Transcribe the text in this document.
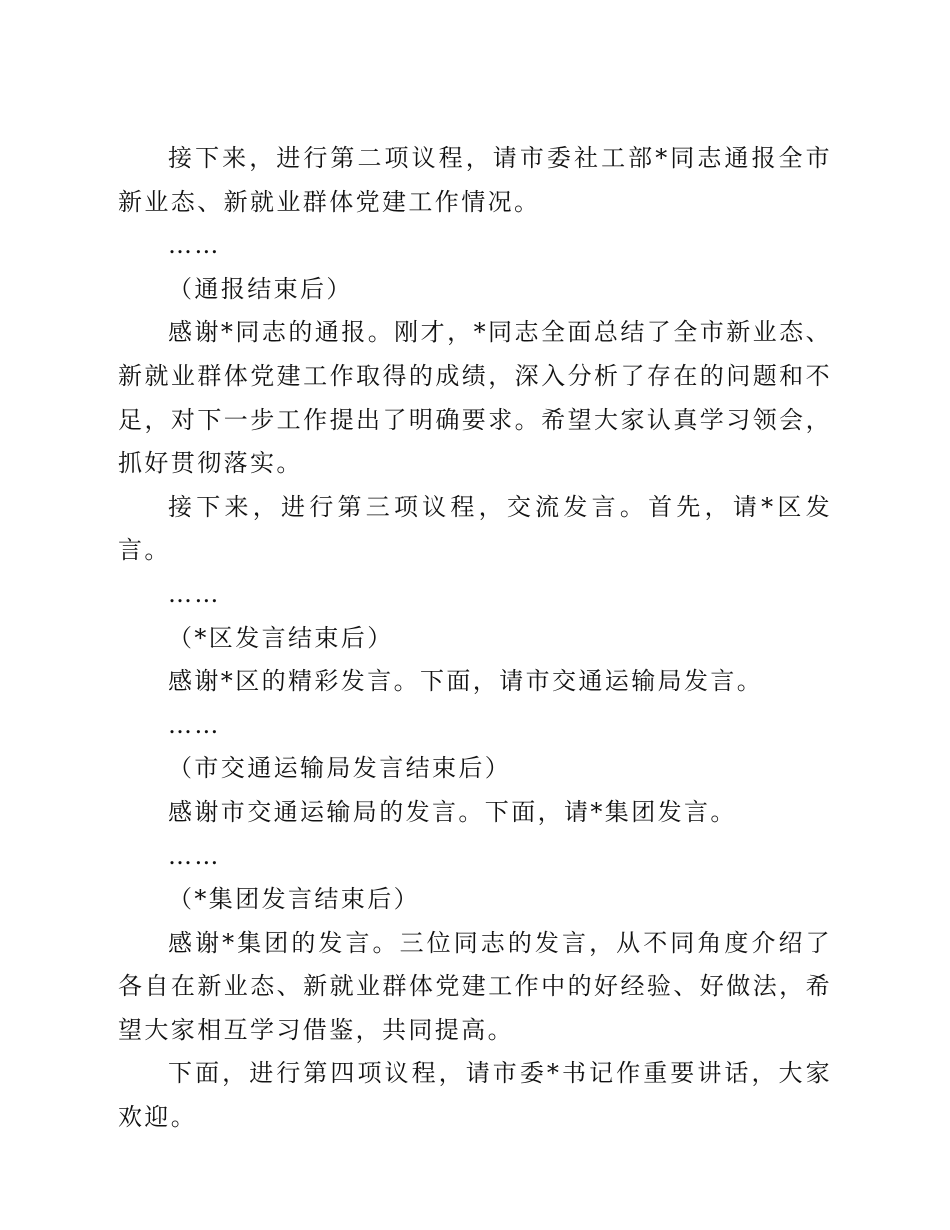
接下来，进行第二项议程，请市委社工部*同志通报全市新业态、新就业群体党建工作情况。

……

（通报结束后）

感谢*同志的通报。刚才，*同志全面总结了全市新业态、新就业群体党建工作取得的成绩，深入分析了存在的问题和不足，对下一步工作提出了明确要求。希望大家认真学习领会，抓好贯彻落实。

接下来，进行第三项议程，交流发言。首先，请*区发言。

……

（*区发言结束后）

感谢*区的精彩发言。下面，请市交通运输局发言。

……

（市交通运输局发言结束后）

感谢市交通运输局的发言。下面，请*集团发言。

……

（*集团发言结束后）

感谢*集团的发言。三位同志的发言，从不同角度介绍了各自在新业态、新就业群体党建工作中的好经验、好做法，希望大家相互学习借鉴，共同提高。

下面，进行第四项议程，请市委*书记作重要讲话，大家欢迎。
